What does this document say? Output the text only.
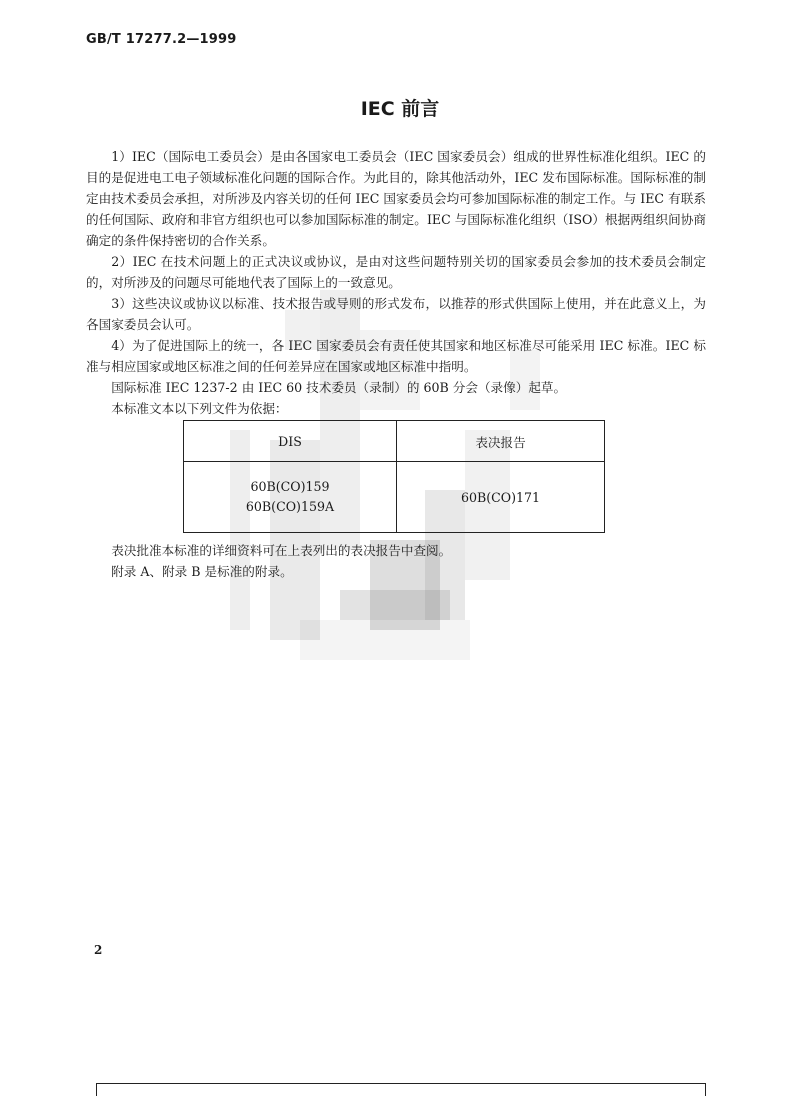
GB/T 17277.2—1999
IEC 前言

1）IEC（国际电工委员会）是由各国家电工委员会（IEC 国家委员会）组成的世界性标准化组织。IEC 的目的是促进电工电子领域标准化问题的国际合作。为此目的，除其他活动外，IEC 发布国际标准。国际标准的制定由技术委员会承担，对所涉及内容关切的任何 IEC 国家委员会均可参加国际标准的制定工作。与 IEC 有联系的任何国际、政府和非官方组织也可以参加国际标准的制定。IEC 与国际标准化组织（ISO）根据两组织间协商确定的条件保持密切的合作关系。

2）IEC 在技术问题上的正式决议或协议，是由对这些问题特别关切的国家委员会参加的技术委员会制定的，对所涉及的问题尽可能地代表了国际上的一致意见。

3）这些决议或协议以标准、技术报告或导则的形式发布，以推荐的形式供国际上使用，并在此意义上，为各国家委员会认可。

4）为了促进国际上的统一，各 IEC 国家委员会有责任使其国家和地区标准尽可能采用 IEC 标准。IEC 标准与相应国家或地区标准之间的任何差异应在国家或地区标准中指明。

国际标准 IEC 1237-2 由 IEC 60 技术委员（录制）的 60B 分会（录像）起草。

本标准文本以下列文件为依据：

DIS	表决报告

60B(CO)159
60B(CO)159A	60B(CO)171

表决批准本标准的详细资料可在上表列出的表决报告中查阅。

附录 A、附录 B 是标准的附录。

2
